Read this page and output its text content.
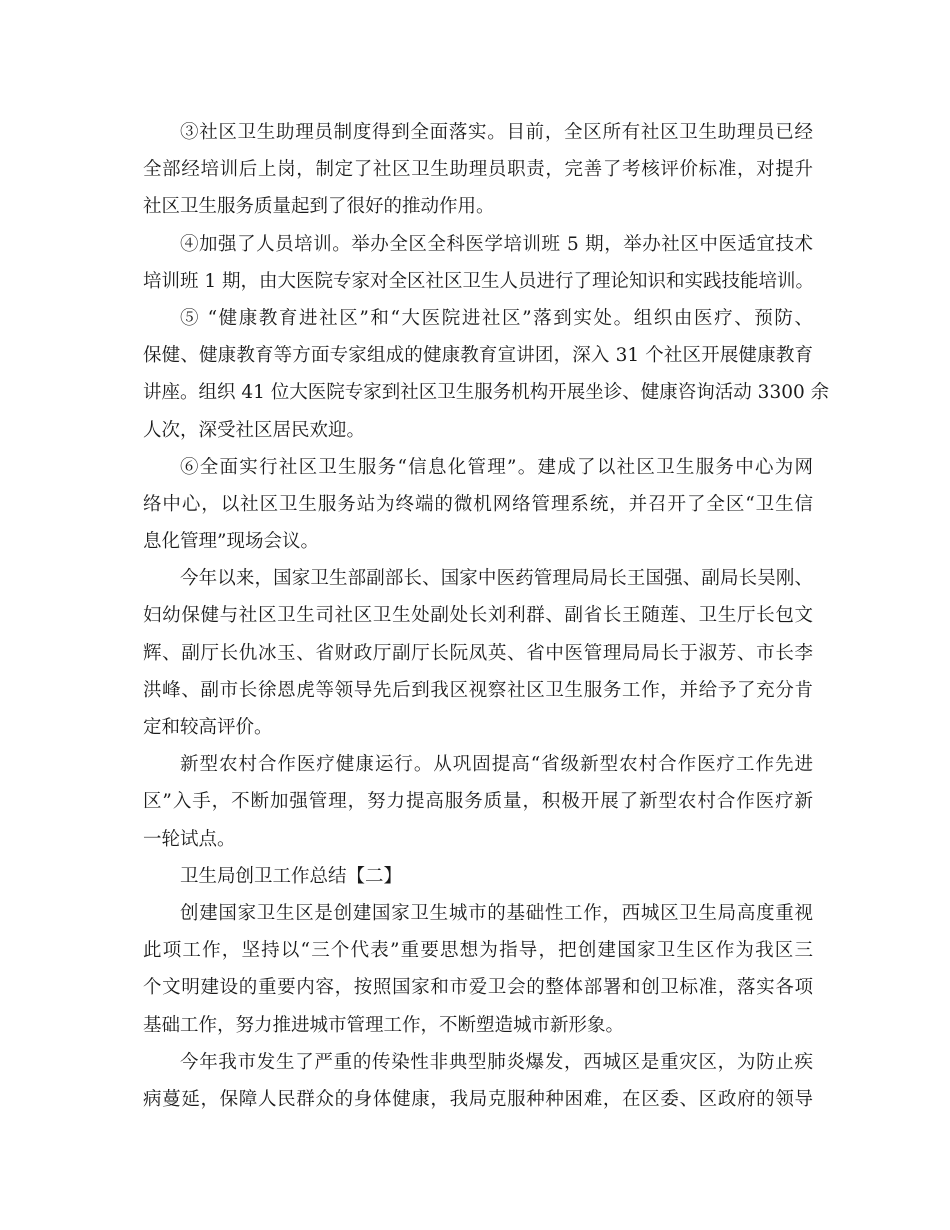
③社区卫生助理员制度得到全面落实。目前，全区所有社区卫生助理员已经
全部经培训后上岗，制定了社区卫生助理员职责，完善了考核评价标准，对提升
社区卫生服务质量起到了很好的推动作用。
④加强了人员培训。举办全区全科医学培训班 5 期，举办社区中医适宜技术
培训班 1 期，由大医院专家对全区社区卫生人员进行了理论知识和实践技能培训。
⑤ “健康教育进社区”和“大医院进社区”落到实处。组织由医疗、预防、
保健、健康教育等方面专家组成的健康教育宣讲团，深入 31 个社区开展健康教育
讲座。组织 41 位大医院专家到社区卫生服务机构开展坐诊、健康咨询活动 3300 余
人次，深受社区居民欢迎。
⑥全面实行社区卫生服务“信息化管理”。建成了以社区卫生服务中心为网
络中心，以社区卫生服务站为终端的微机网络管理系统，并召开了全区“卫生信
息化管理”现场会议。
今年以来，国家卫生部副部长、国家中医药管理局局长王国强、副局长吴刚、
妇幼保健与社区卫生司社区卫生处副处长刘利群、副省长王随莲、卫生厅长包文
辉、副厅长仇冰玉、省财政厅副厅长阮凤英、省中医管理局局长于淑芳、市长李
洪峰、副市长徐恩虎等领导先后到我区视察社区卫生服务工作，并给予了充分肯
定和较高评价。
新型农村合作医疗健康运行。从巩固提高“省级新型农村合作医疗工作先进
区”入手，不断加强管理，努力提高服务质量，积极开展了新型农村合作医疗新
一轮试点。
卫生局创卫工作总结【二】
创建国家卫生区是创建国家卫生城市的基础性工作，西城区卫生局高度重视
此项工作，坚持以“三个代表”重要思想为指导，把创建国家卫生区作为我区三
个文明建设的重要内容，按照国家和市爱卫会的整体部署和创卫标准，落实各项
基础工作，努力推进城市管理工作，不断塑造城市新形象。
今年我市发生了严重的传染性非典型肺炎爆发，西城区是重灾区，为防止疾
病蔓延，保障人民群众的身体健康，我局克服种种困难，在区委、区政府的领导
